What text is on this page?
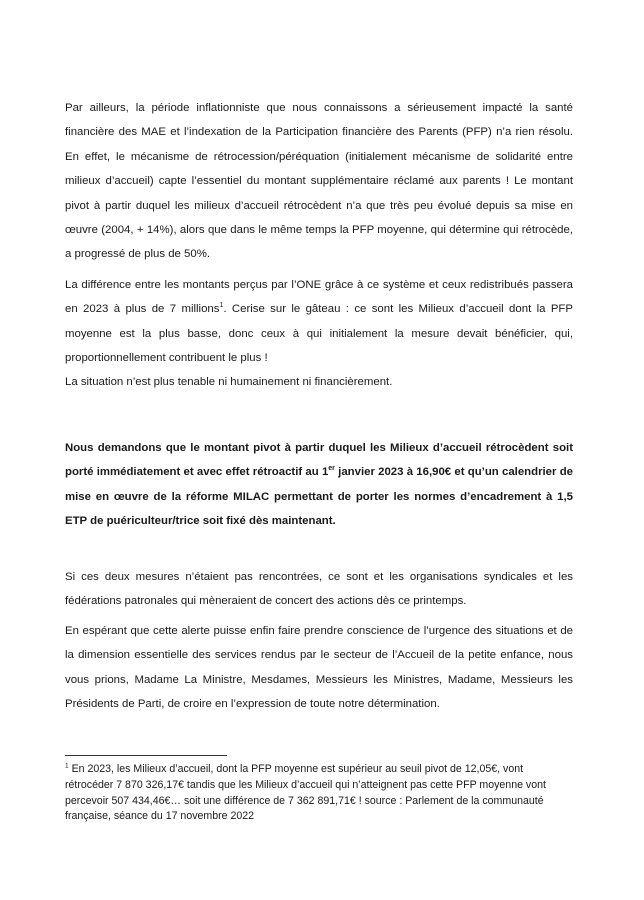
Par ailleurs, la période inflationniste que nous connaissons a sérieusement impacté la santé financière des MAE et l’indexation de la Participation financière des Parents (PFP) n’a rien résolu. En effet, le mécanisme de rétrocession/péréquation (initialement mécanisme de solidarité entre milieux d’accueil) capte l’essentiel du montant supplémentaire réclamé aux parents ! Le montant pivot à partir duquel les milieux d’accueil rétrocèdent n’a que très peu évolué depuis sa mise en œuvre (2004, + 14%), alors que dans le même temps la PFP moyenne, qui détermine qui rétrocède, a progressé de plus de 50%.

La différence entre les montants perçus par l’ONE grâce à ce système et ceux redistribués passera en 2023 à plus de 7 millions$^1$. Cerise sur le gâteau : ce sont les Milieux d’accueil dont la PFP moyenne est la plus basse, donc ceux à qui initialement la mesure devait bénéficier, qui, proportionnellement contribuent le plus !

La situation n’est plus tenable ni humainement ni financièrement.

Nous demandons que le montant pivot à partir duquel les Milieux d’accueil rétrocèdent soit porté immédiatement et avec effet rétroactif au 1er janvier 2023 à 16,90€ et qu’un calendrier de mise en œuvre de la réforme MILAC permettant de porter les normes d’encadrement à 1,5 ETP de puériculteur/trice soit fixé dès maintenant.

Si ces deux mesures n’étaient pas rencontrées, ce sont et les organisations syndicales et les fédérations patronales qui mèneraient de concert des actions dès ce printemps.

En espérant que cette alerte puisse enfin faire prendre conscience de l’urgence des situations et de la dimension essentielle des services rendus par le secteur de l’Accueil de la petite enfance, nous vous prions, Madame La Ministre, Mesdames, Messieurs les Ministres, Madame, Messieurs les Présidents de Parti, de croire en l’expression de toute notre détermination.

$^1$ En 2023, les Milieux d’accueil, dont la PFP moyenne est supérieur au seuil pivot de 12,05€, vont rétrocéder 7 870 326,17€ tandis que les Milieux d’accueil qui n’atteignent pas cette PFP moyenne vont percevoir 507 434,46€… soit une différence de 7 362 891,71€ ! source : Parlement de la communauté française, séance du 17 novembre 2022
